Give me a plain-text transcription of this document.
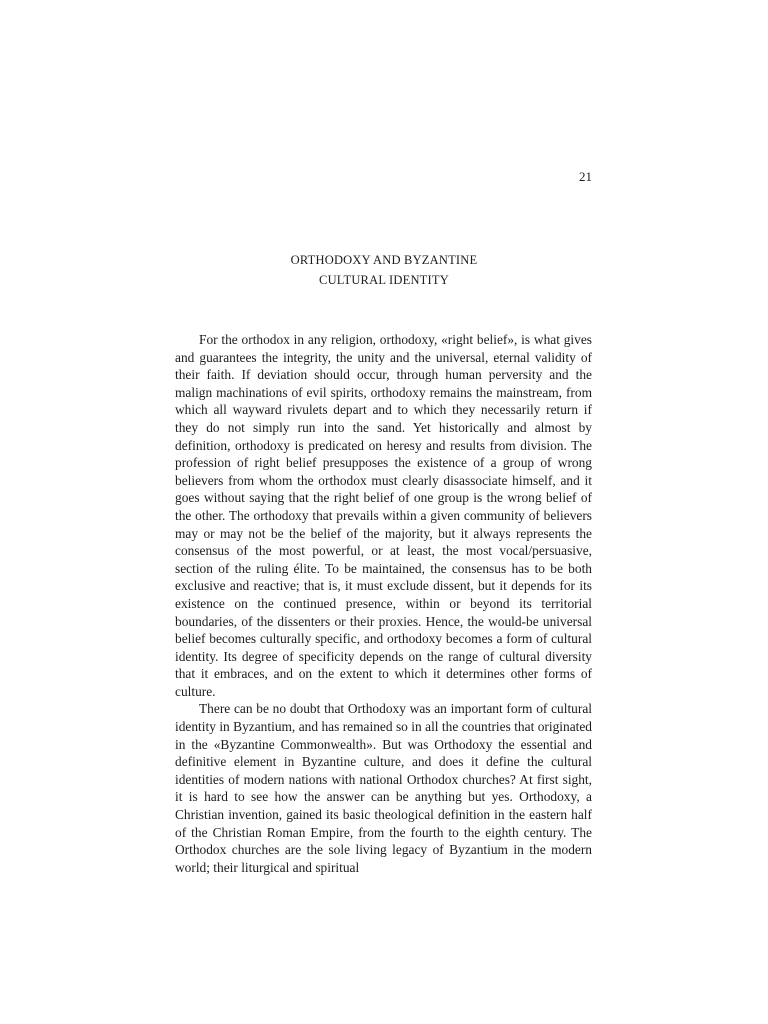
21
ORTHODOXY AND BYZANTINE
CULTURAL IDENTITY

For the orthodox in any religion, orthodoxy, «right belief», is what gives and guarantees the integrity, the unity and the universal, eternal validity of their faith. If deviation should occur, through human perversity and the malign machinations of evil spirits, orthodoxy remains the mainstream, from which all wayward rivulets depart and to which they necessarily return if they do not simply run into the sand. Yet historically and almost by definition, orthodoxy is predicated on heresy and results from division. The profession of right belief presupposes the existence of a group of wrong believers from whom the orthodox must clearly disassociate himself, and it goes without saying that the right belief of one group is the wrong belief of the other. The orthodoxy that prevails within a given community of believers may or may not be the belief of the majority, but it always represents the consensus of the most powerful, or at least, the most vocal/persuasive, section of the ruling élite. To be maintained, the consensus has to be both exclusive and reactive; that is, it must exclude dissent, but it depends for its existence on the continued presence, within or beyond its territorial boundaries, of the dissenters or their proxies. Hence, the would-be universal belief becomes culturally specific, and orthodoxy becomes a form of cultural identity. Its degree of specificity depends on the range of cultural diversity that it embraces, and on the extent to which it determines other forms of culture.

There can be no doubt that Orthodoxy was an important form of cultural identity in Byzantium, and has remained so in all the countries that originated in the «Byzantine Commonwealth». But was Orthodoxy the essential and definitive element in Byzantine culture, and does it define the cultural identities of modern nations with national Orthodox churches? At first sight, it is hard to see how the answer can be anything but yes. Orthodoxy, a Christian invention, gained its basic theological definition in the eastern half of the Christian Roman Empire, from the fourth to the eighth century. The Orthodox churches are the sole living legacy of Byzantium in the modern world; their liturgical and spiritual
